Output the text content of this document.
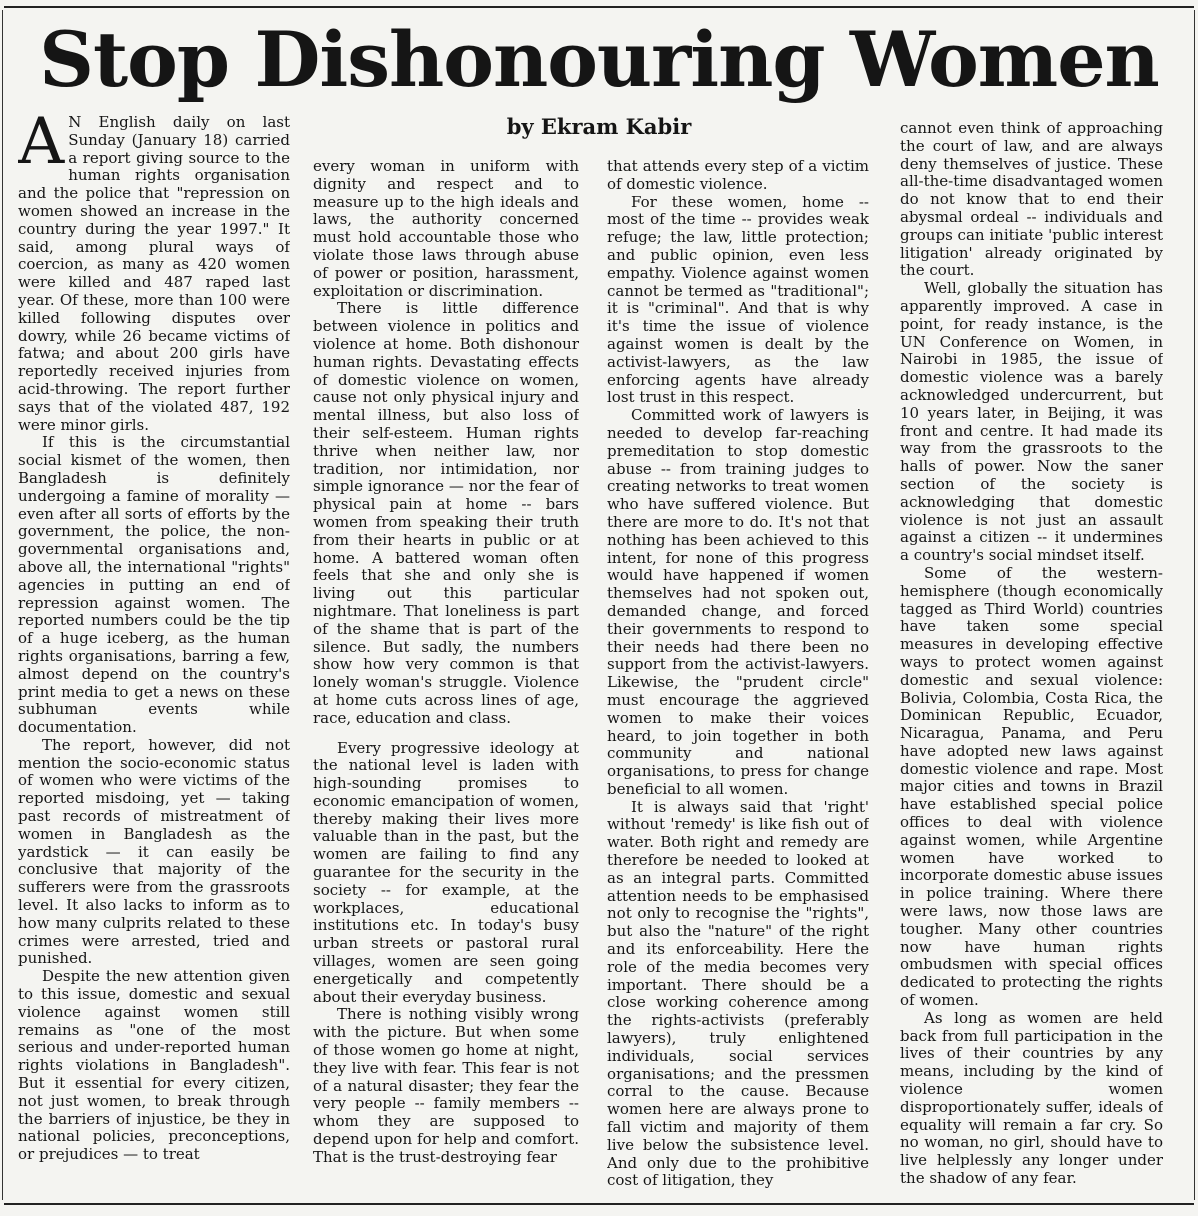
Stop Dishonouring Women
by Ekram Kabir

A N English daily on last Sunday (January 18) carried a report giving source to the human rights organisation and the police that "repression on women showed an increase in the country during the year 1997." It said, among plural ways of coercion, as many as 420 women were killed and 487 raped last year. Of these, more than 100 were killed following disputes over dowry, while 26 became victims of fatwa; and about 200 girls have reportedly received injuries from acid-throwing. The report further says that of the violated 487, 192 were minor girls.

If this is the circumstantial social kismet of the women, then Bangladesh is definitely undergoing a famine of morality — even after all sorts of efforts by the government, the police, the non-governmental organisations and, above all, the international "rights" agencies in putting an end of repression against women. The reported numbers could be the tip of a huge iceberg, as the human rights organisations, barring a few, almost depend on the country's print media to get a news on these subhuman events while documentation.

The report, however, did not mention the socio-economic status of women who were victims of the reported misdoing, yet — taking past records of mistreatment of women in Bangladesh as the yardstick — it can easily be conclusive that majority of the sufferers were from the grassroots level. It also lacks to inform as to how many culprits related to these crimes were arrested, tried and punished.

Despite the new attention given to this issue, domestic and sexual violence against women still remains as "one of the most serious and under-reported human rights violations in Bangladesh". But it essential for every citizen, not just women, to break through the barriers of injustice, be they in national policies, preconceptions, or prejudices — to treat

every woman in uniform with dignity and respect and to measure up to the high ideals and laws, the authority concerned must hold accountable those who violate those laws through abuse of power or position, harassment, exploitation or discrimination.

There is little difference between violence in politics and violence at home. Both dishonour human rights. Devastating effects of domestic violence on women, cause not only physical injury and mental illness, but also loss of their self-esteem. Human rights thrive when neither law, nor tradition, nor intimidation, nor simple ignorance — nor the fear of physical pain at home -- bars women from speaking their truth from their hearts in public or at home. A battered woman often feels that she and only she is living out this particular nightmare. That loneliness is part of the shame that is part of the silence. But sadly, the numbers show how very common is that lonely woman's struggle. Violence at home cuts across lines of age, race, education and class.

Every progressive ideology at the national level is laden with high-sounding promises to economic emancipation of women, thereby making their lives more valuable than in the past, but the women are failing to find any guarantee for the security in the society -- for example, at the workplaces, educational institutions etc. In today's busy urban streets or pastoral rural villages, women are seen going energetically and competently about their everyday business.

There is nothing visibly wrong with the picture. But when some of those women go home at night, they live with fear. This fear is not of a natural disaster; they fear the very people -- family members -- whom they are supposed to depend upon for help and comfort. That is the trust-destroying fear

that attends every step of a victim of domestic violence.

For these women, home -- most of the time -- provides weak refuge; the law, little protection; and public opinion, even less empathy. Violence against women cannot be termed as "traditional"; it is "criminal". And that is why it's time the issue of violence against women is dealt by the activist-lawyers, as the law enforcing agents have already lost trust in this respect.

Committed work of lawyers is needed to develop far-reaching premeditation to stop domestic abuse -- from training judges to creating networks to treat women who have suffered violence. But there are more to do. It's not that nothing has been achieved to this intent, for none of this progress would have happened if women themselves had not spoken out, demanded change, and forced their governments to respond to their needs had there been no support from the activist-lawyers. Likewise, the "prudent circle" must encourage the aggrieved women to make their voices heard, to join together in both community and national organisations, to press for change beneficial to all women.

It is always said that 'right' without 'remedy' is like fish out of water. Both right and remedy are therefore be needed to looked at as an integral parts. Committed attention needs to be emphasised not only to recognise the "rights", but also the "nature" of the right and its enforceability. Here the role of the media becomes very important. There should be a close working coherence among the rights-activists (preferably lawyers), truly enlightened individuals, social services organisations; and the pressmen corral to the cause. Because women here are always prone to fall victim and majority of them live below the subsistence level. And only due to the prohibitive cost of litigation, they

cannot even think of approaching the court of law, and are always deny themselves of justice. These all-the-time disadvantaged women do not know that to end their abysmal ordeal -- individuals and groups can initiate 'public interest litigation' already originated by the court.

Well, globally the situation has apparently improved. A case in point, for ready instance, is the UN Conference on Women, in Nairobi in 1985, the issue of domestic violence was a barely acknowledged undercurrent, but 10 years later, in Beijing, it was front and centre. It had made its way from the grassroots to the halls of power. Now the saner section of the society is acknowledging that domestic violence is not just an assault against a citizen -- it undermines a country's social mindset itself.

Some of the western-hemisphere (though economically tagged as Third World) countries have taken some special measures in developing effective ways to protect women against domestic and sexual violence: Bolivia, Colombia, Costa Rica, the Dominican Republic, Ecuador, Nicaragua, Panama, and Peru have adopted new laws against domestic violence and rape. Most major cities and towns in Brazil have established special police offices to deal with violence against women, while Argentine women have worked to incorporate domestic abuse issues in police training. Where there were laws, now those laws are tougher. Many other countries now have human rights ombudsmen with special offices dedicated to protecting the rights of women.

As long as women are held back from full participation in the lives of their countries by any means, including by the kind of violence women disproportionately suffer, ideals of equality will remain a far cry. So no woman, no girl, should have to live helplessly any longer under the shadow of any fear.
